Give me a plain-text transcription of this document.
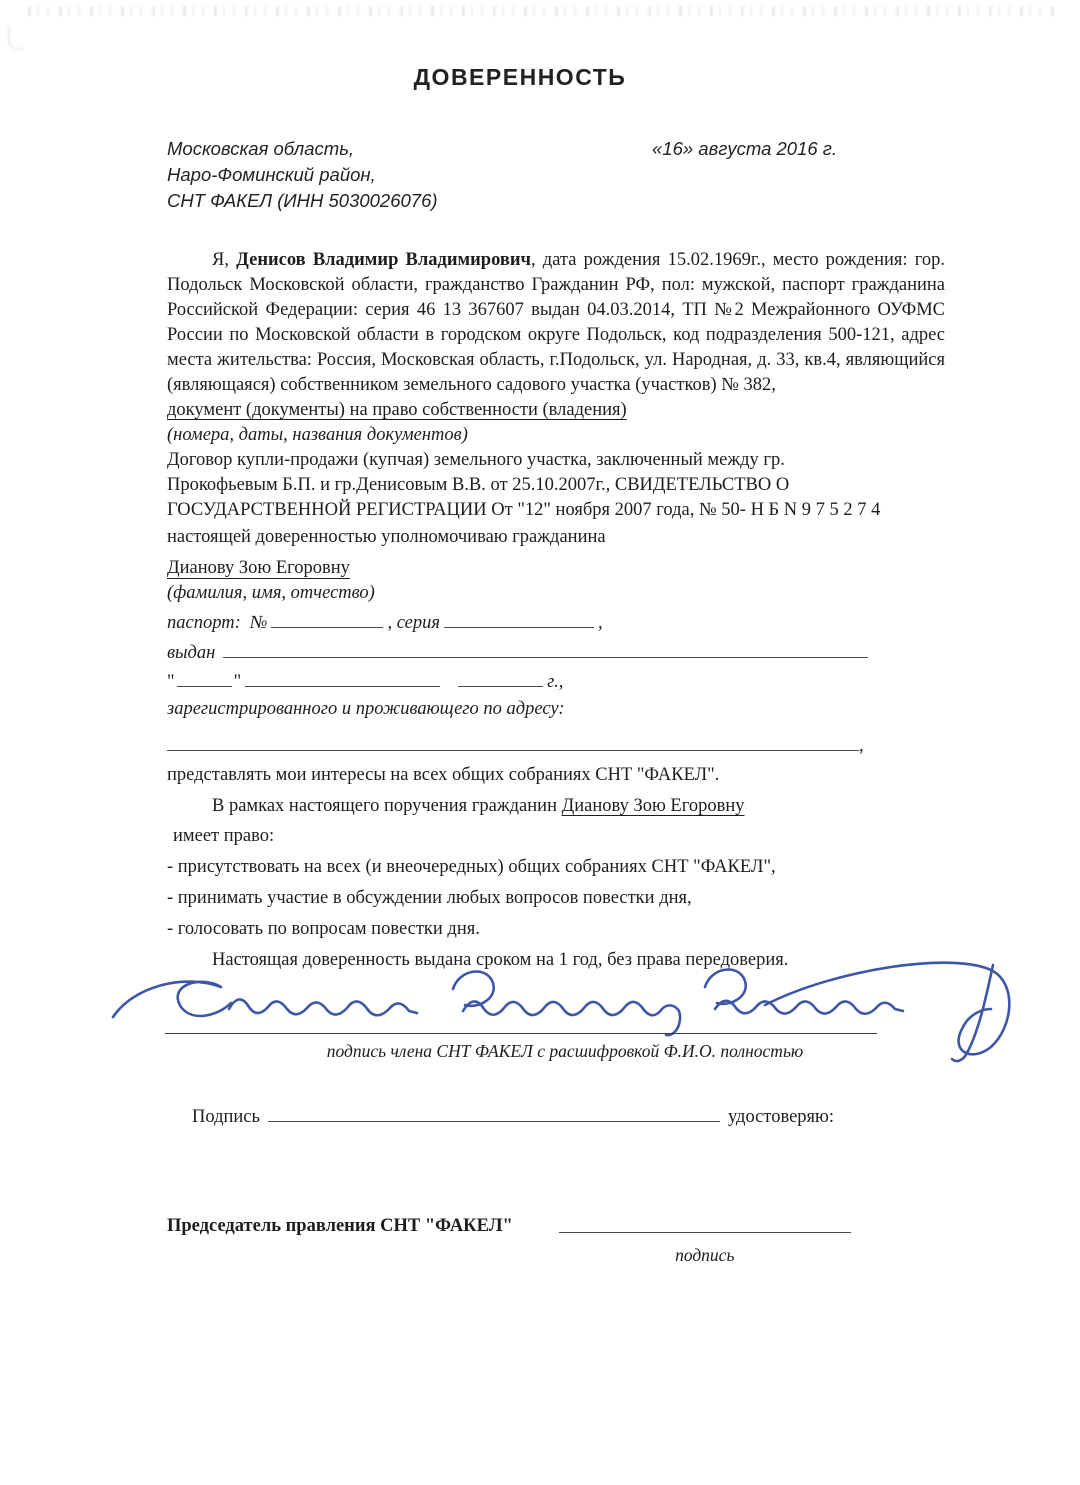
ДОВЕРЕННОСТЬ
Московская область,
Наро-Фоминский район,
СНТ ФАКЕЛ (ИНН 5030026076)
«16» августа 2016 г.
Я, Денисов Владимир Владимирович, дата рождения 15.02.1969г., место рождения: гор. Подольск Московской области, гражданство Гражданин РФ, пол: мужской, паспорт гражданина Российской Федерации: серия 46 13 367607 выдан 04.03.2014, ТП №2 Межрайонного ОУФМС России по Московской области в городском округе Подольск, код подразделения 500-121, адрес места жительства: Россия, Московская область, г.Подольск, ул. Народная, д. 33, кв.4, являющийся (являющаяся) собственником земельного садового участка (участков) № 382,
документ (документы) на право собственности (владения)
(номера, даты, названия документов)
Договор купли-продажи (купчая) земельного участка, заключенный между гр.
Прокофьевым Б.П. и гр.Денисовым В.В. от 25.10.2007г., СВИДЕТЕЛЬСТВО О
ГОСУДАРСТВЕННОЙ РЕГИСТРАЦИИ От "12" ноября 2007 года, № 50- Н Б N 9 7 5 2 7 4
настоящей доверенностью уполномочиваю гражданина
Дианову Зою Егоровну
(фамилия, имя, отчество)
паспорт: №	, серия	,
выдан
"	"	г.,
зарегистрированного и проживающего по адресу:
,
представлять мои интересы на всех общих собраниях СНТ "ФАКЕЛ".
В рамках настоящего поручения гражданин Дианову Зою Егоровну
имеет право:
- присутствовать на всех (и внеочередных) общих собраниях СНТ "ФАКЕЛ",
- принимать участие в обсуждении любых вопросов повестки дня,
- голосовать по вопросам повестки дня.
Настоящая доверенность выдана сроком на 1 год, без права передоверия.
подпись члена СНТ ФАКЕЛ с расшифровкой Ф.И.О. полностью
Подпись	удостоверяю:
Председатель правления СНТ "ФАКЕЛ"
подпись
